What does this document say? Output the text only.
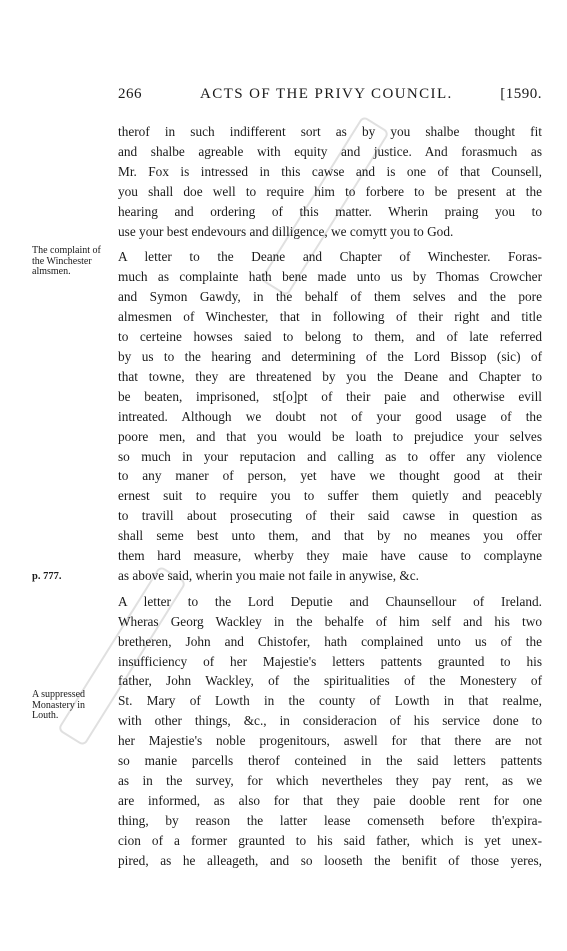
266	ACTS OF THE PRIVY COUNCIL.	[1590.
The complaint of the Winchester almsmen.
p. 777.
A suppressed Monastery in Louth.

therof in such indifferent sort as by you shalbe thought fit
and shalbe agreable with equity and justice. And forasmuch as
Mr. Fox is intressed in this cawse and is one of that Counsell,
you shall doe well to require him to forbere to be present at the
hearing and ordering of this matter. Wherin praing you to
use your best endevours and dilligence, we comytt you to God.

A letter to the Deane and Chapter of Winchester. Foras-
much as complainte hath bene made unto us by Thomas Crowcher
and Symon Gawdy, in the behalf of them selves and the pore
almesmen of Winchester, that in following of their right and title
to certeine howses saied to belong to them, and of late referred
by us to the hearing and determining of the Lord Bissop (sic) of
that towne, they are threatened by you the Deane and Chapter to
be beaten, imprisoned, st[o]pt of their paie and otherwise evill
intreated. Although we doubt not of your good usage of the
poore men, and that you would be loath to prejudice your selves
so much in your reputacion and calling as to offer any violence
to any maner of person, yet have we thought good at their
ernest suit to require you to suffer them quietly and peacebly
to travill about prosecuting of their said cawse in question as
shall seme best unto them, and that by no meanes you offer
them hard measure, wherby they maie have cause to complayne
as above said, wherin you maie not faile in anywise, &c.

A letter to the Lord Deputie and Chaunsellour of Ireland.
Wheras Georg Wackley in the behalfe of him self and his two
bretheren, John and Chistofer, hath complained unto us of the
insufficiency of her Majestie's letters pattents graunted to his
father, John Wackley, of the spiritualities of the Monestery of
St. Mary of Lowth in the county of Lowth in that realme,
with other things, &c., in consideracion of his service done to
her Majestie's noble progenitours, aswell for that there are not
so manie parcells therof conteined in the said letters pattents
as in the survey, for which nevertheles they pay rent, as we
are informed, as also for that they paie dooble rent for one
thing, by reason the latter lease comenseth before th'expira-
cion of a former graunted to his said father, which is yet unex-
pired, as he alleageth, and so looseth the benifit of those yeres,
